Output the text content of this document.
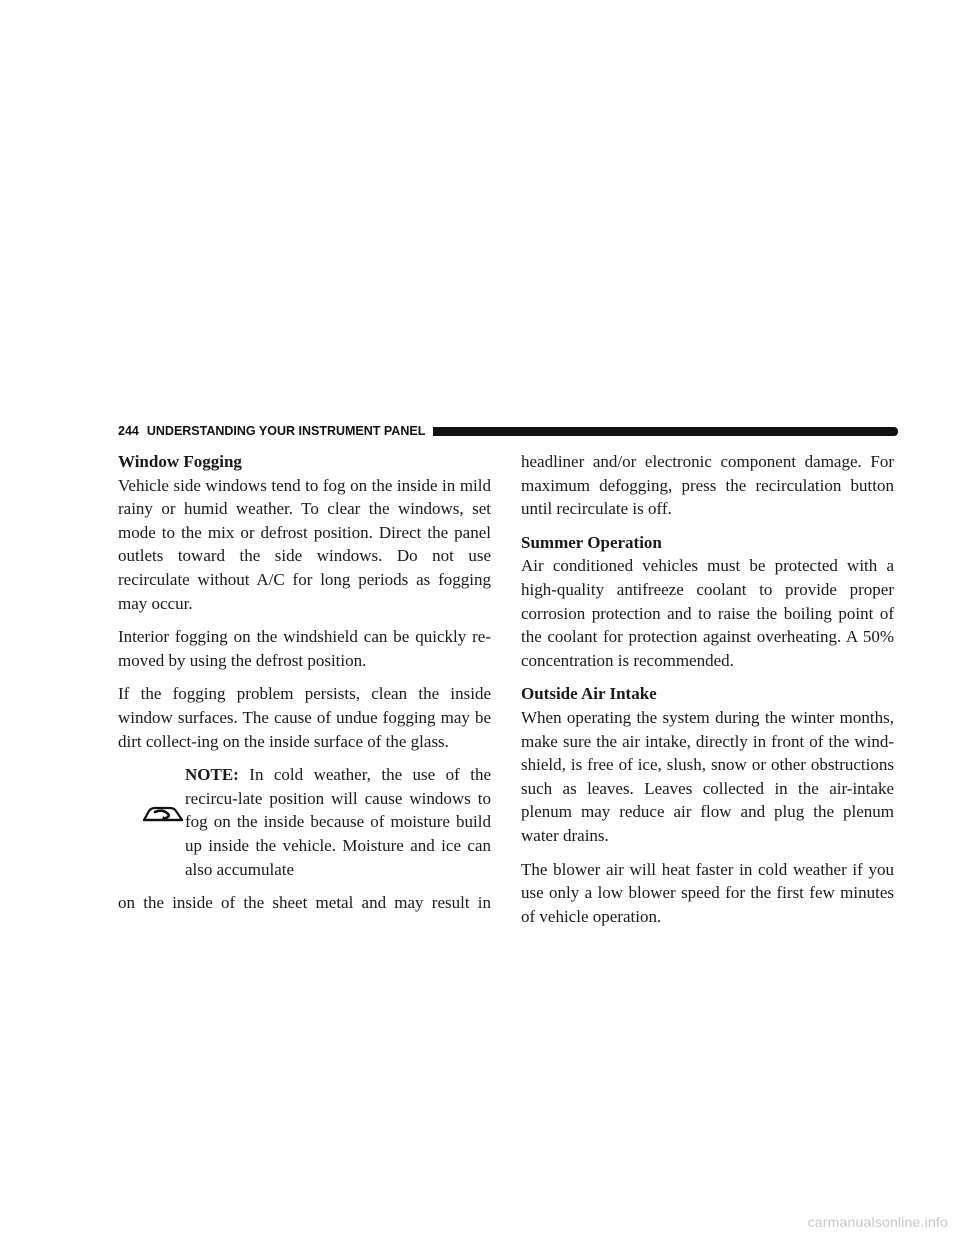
244 UNDERSTANDING YOUR INSTRUMENT PANEL
Window Fogging

Vehicle side windows tend to fog on the inside in mild rainy or humid weather. To clear the windows, set mode to the mix or defrost position. Direct the panel outlets toward the side windows. Do not use recirculate without A/C for long periods as fogging may occur.

Interior fogging on the windshield can be quickly re-moved by using the defrost position.

If the fogging problem persists, clean the inside window surfaces. The cause of undue fogging may be dirt collect-ing on the inside surface of the glass.

NOTE: In cold weather, the use of the recircu-late position will cause windows to fog on the inside because of moisture build up inside the vehicle. Moisture and ice can also accumulate

on the inside of the sheet metal and may result in

headliner and/or electronic component damage. For maximum defogging, press the recirculation button until recirculate is off.

Summer Operation

Air conditioned vehicles must be protected with a high-quality antifreeze coolant to provide proper corrosion protection and to raise the boiling point of the coolant for protection against overheating. A 50% concentration is recommended.

Outside Air Intake

When operating the system during the winter months, make sure the air intake, directly in front of the wind-shield, is free of ice, slush, snow or other obstructions such as leaves. Leaves collected in the air-intake plenum may reduce air flow and plug the plenum water drains.

The blower air will heat faster in cold weather if you use only a low blower speed for the first few minutes of vehicle operation.

carmanualsonline.info
